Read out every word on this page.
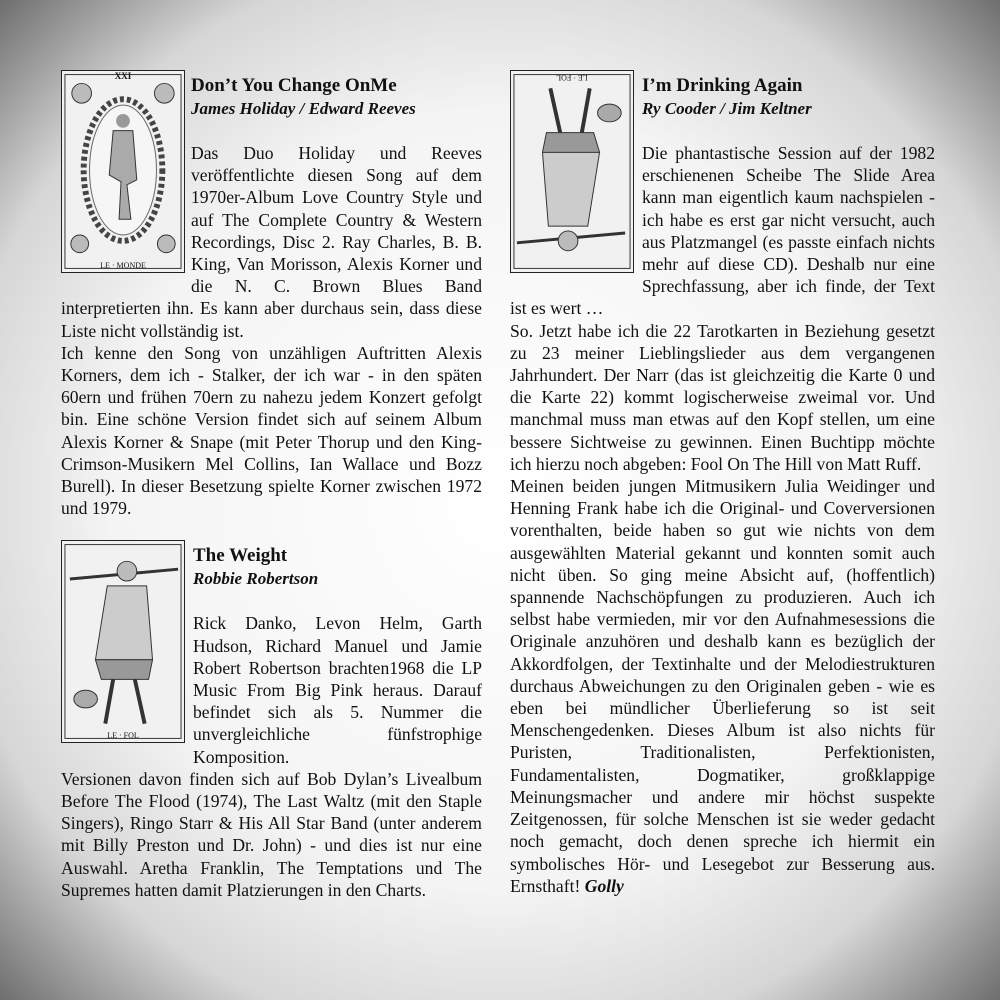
XXI
LE · MONDE
Don’t You Change OnMe
James Holiday / Edward Reeves

Das Duo Holiday und Reeves veröffentlichte diesen Song auf dem 1970er-Album Love Country Style und auf The Complete Country & Western Recordings, Disc 2. Ray Charles, B. B. King, Van Morisson, Alexis Korner und die N. C. Brown Blues Band interpretierten ihn. Es kann aber durchaus sein, dass diese Liste nicht vollständig ist.

Ich kenne den Song von unzähligen Auftritten Alexis Korners, dem ich - Stalker, der ich war - in den späten 60ern und frühen 70ern zu nahezu jedem Konzert gefolgt bin. Eine schöne Version findet sich auf seinem Album Alexis Korner & Snape (mit Peter Thorup und den King-Crimson-Musikern Mel Collins, Ian Wallace und Bozz Burell). In dieser Besetzung spielte Korner zwischen 1972 und 1979.

LE · FOL
The Weight
Robbie Robertson

Rick Danko, Levon Helm, Garth Hudson, Richard Manuel und Jamie Robert Robertson brachten1968 die LP Music From Big Pink heraus. Darauf befindet sich als 5. Nummer die unvergleichliche fünfstrophige Komposition.

Versionen davon finden sich auf Bob Dylan’s Livealbum Before The Flood (1974), The Last Waltz (mit den Staple Singers), Ringo Starr & His All Star Band (unter anderem mit Billy Preston und Dr. John) - und dies ist nur eine Auswahl. Aretha Franklin, The Temptations und The Supremes hatten damit Platzierungen in den Charts.

LE · FOL	I’m Drinking Again
Ry Cooder / Jim Keltner

Die phantastische Session auf der 1982 erschienenen Scheibe The Slide Area kann man eigentlich kaum nachspielen - ich habe es erst gar nicht versucht, auch aus Platzmangel (es passte einfach nichts mehr auf diese CD). Deshalb nur eine Sprechfassung, aber ich finde, der Text ist es wert …

So. Jetzt habe ich die 22 Tarotkarten in Beziehung gesetzt zu 23 meiner Lieblingslieder aus dem vergangenen Jahrhundert. Der Narr (das ist gleichzeitig die Karte 0 und die Karte 22) kommt logischerweise zweimal vor. Und manchmal muss man etwas auf den Kopf stellen, um eine bessere Sichtweise zu gewinnen. Einen Buchtipp möchte ich hierzu noch abgeben: Fool On The Hill von Matt Ruff.

Meinen beiden jungen Mitmusikern Julia Weidinger und Henning Frank habe ich die Original- und Coverversionen vorenthalten, beide haben so gut wie nichts von dem ausgewählten Material gekannt und konnten somit auch nicht üben. So ging meine Absicht auf, (hoffentlich) spannende Nachschöpfungen zu produzieren. Auch ich selbst habe vermieden, mir vor den Aufnahmesessions die Originale anzuhören und deshalb kann es bezüglich der Akkordfolgen, der Textinhalte und der Melodiestrukturen durchaus Abweichungen zu den Originalen geben - wie es eben bei mündlicher Überlieferung so ist seit Menschengedenken. Dieses Album ist also nichts für Puristen, Traditionalisten, Perfektionisten, Fundamentalisten, Dogmatiker, großklappige Meinungsmacher und andere mir höchst suspekte Zeitgenossen, für solche Menschen ist sie weder gedacht noch gemacht, doch denen spreche ich hiermit ein symbolisches Hör- und Lesegebot zur Besserung aus. Ernsthaft! Golly
